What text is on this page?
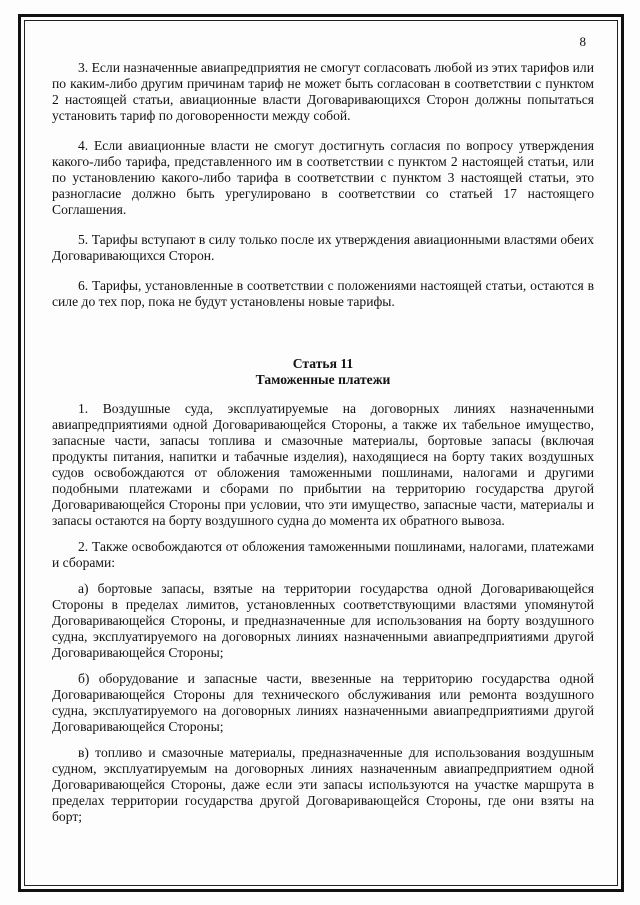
8

3. Если назначенные авиапредприятия не смогут согласовать любой из этих тарифов или по каким-либо другим причинам тариф не может быть согласован в соответствии с пунктом 2 настоящей статьи, авиационные власти Договаривающихся Сторон должны попытаться установить тариф по договоренности между собой.

4. Если авиационные власти не смогут достигнуть согласия по вопросу утверждения какого-либо тарифа, представленного им в соответствии с пунктом 2 настоящей статьи, или по установлению какого-либо тарифа в соответствии с пунктом 3 настоящей статьи, это разногласие должно быть урегулировано в соответствии со статьей 17 настоящего Соглашения.

5. Тарифы вступают в силу только после их утверждения авиационными властями обеих Договаривающихся Сторон.

6. Тарифы, установленные в соответствии с положениями настоящей статьи, остаются в силе до тех пор, пока не будут установлены новые тарифы.

Статья 11

Таможенные платежи

1. Воздушные суда, эксплуатируемые на договорных линиях назначенными авиапредприятиями одной Договаривающейся Стороны, а также их табельное имущество, запасные части, запасы топлива и смазочные материалы, бортовые запасы (включая продукты питания, напитки и табачные изделия), находящиеся на борту таких воздушных судов освобождаются от обложения таможенными пошлинами, налогами и другими подобными платежами и сборами по прибытии на территорию государства другой Договаривающейся Стороны при условии, что эти имущество, запасные части, материалы и запасы остаются на борту воздушного судна до момента их обратного вывоза.

2. Также освобождаются от обложения таможенными пошлинами, налогами, платежами и сборами:

а) бортовые запасы, взятые на территории государства одной Договаривающейся Стороны в пределах лимитов, установленных соответствующими властями упомянутой Договаривающейся Стороны, и предназначенные для использования на борту воздушного судна, эксплуатируемого на договорных линиях назначенными авиапредприятиями другой Договаривающейся Стороны;

б) оборудование и запасные части, ввезенные на территорию государства одной Договаривающейся Стороны для технического обслуживания или ремонта воздушного судна, эксплуатируемого на договорных линиях назначенными авиапредприятиями другой Договаривающейся Стороны;

в) топливо и смазочные материалы, предназначенные для использования воздушным судном, эксплуатируемым на договорных линиях назначенным авиапредприятием одной Договаривающейся Стороны, даже если эти запасы используются на участке маршрута в пределах территории государства другой Договаривающейся Стороны, где они взяты на борт;
